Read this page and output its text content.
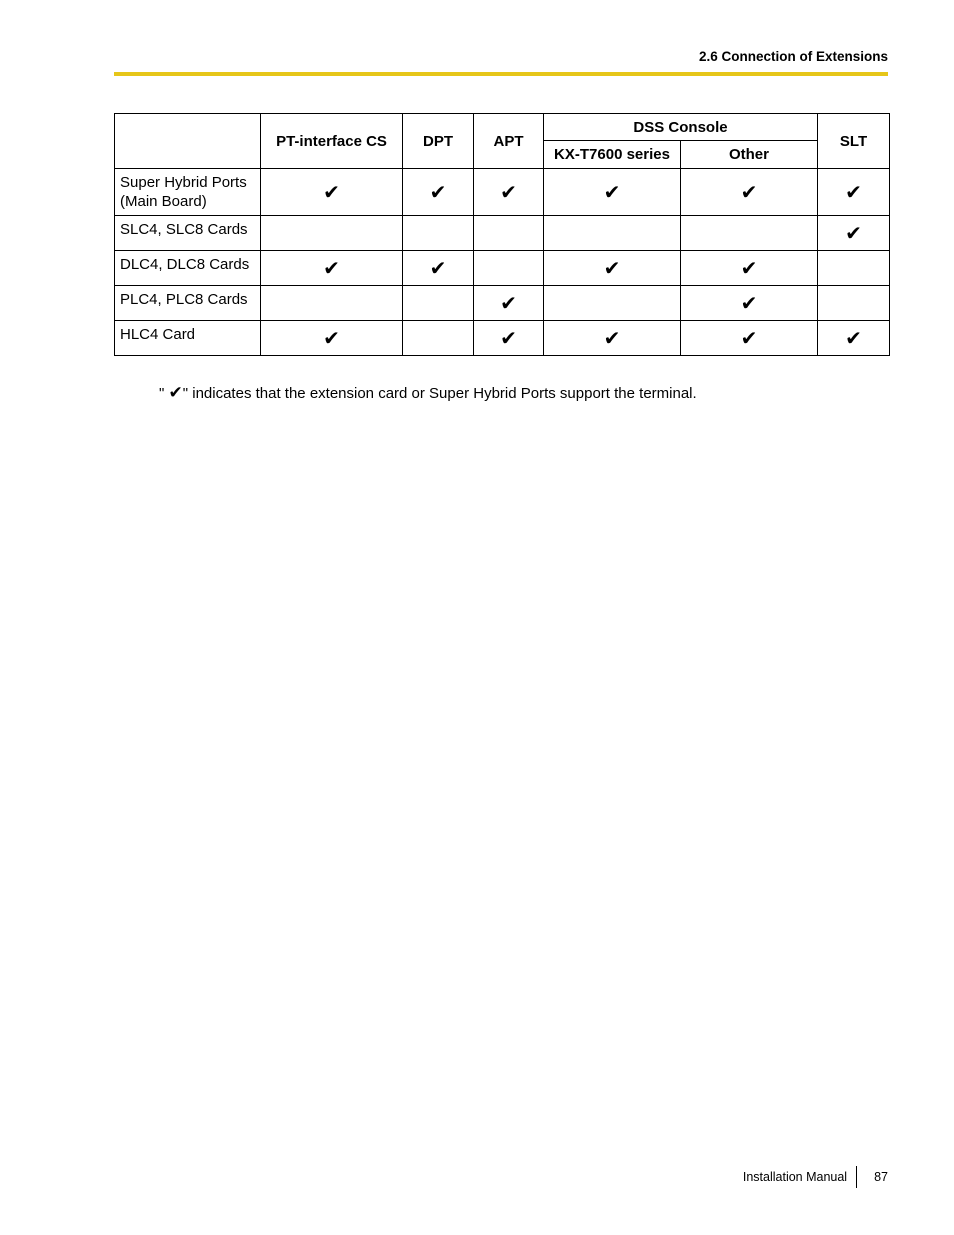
2.6 Connection of Extensions
	PT-interface CS	DPT	APT	DSS Console		SLT
				KX-T7600 series	Other	
Super Hybrid Ports (Main Board)	✔	✔	✔	✔	✔	✔
SLC4, SLC8 Cards						✔
DLC4, DLC8 Cards	✔	✔		✔	✔	
PLC4, PLC8 Cards			✔		✔	
HLC4 Card	✔		✔	✔	✔	✔
" ✔" indicates that the extension card or Super Hybrid Ports support the terminal.
Installation Manual	87
